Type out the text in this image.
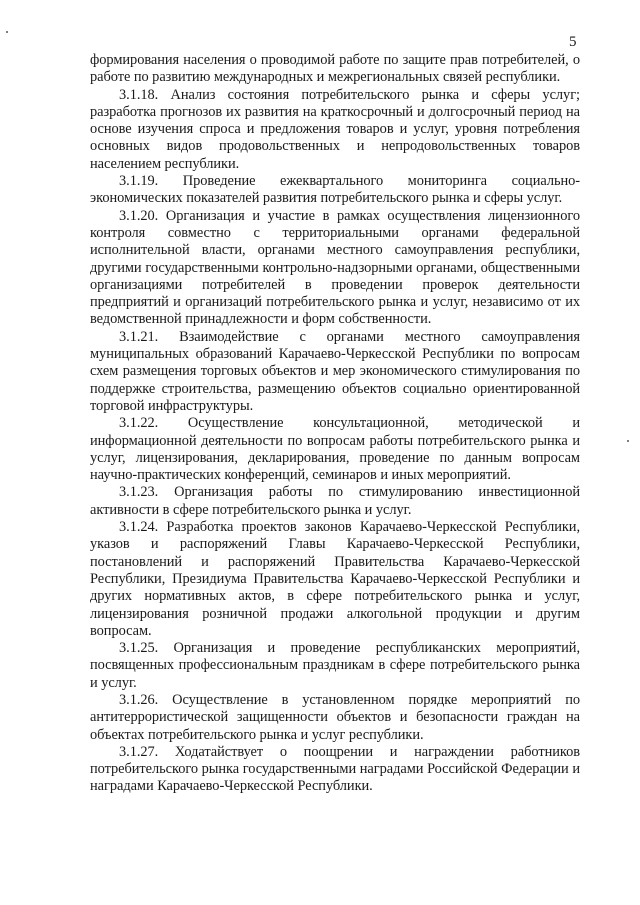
5

формирования населения о проводимой работе по защите прав потребителей, о работе по развитию международных и межрегиональных связей республики.

3.1.18. Анализ состояния потребительского рынка и сферы услуг; разработка прогнозов их развития на краткосрочный и долгосрочный период на основе изучения спроса и предложения товаров и услуг, уровня потребления основных видов продовольственных и непродовольственных товаров населением республики.

3.1.19. Проведение ежеквартального мониторинга социально-экономических показателей развития потребительского рынка и сферы услуг.

3.1.20. Организация и участие в рамках осуществления лицензионного контроля совместно с территориальными органами федеральной исполнительной власти, органами местного самоуправления республики, другими государственными контрольно-надзорными органами, общественными организациями потребителей в проведении проверок деятельности предприятий и организаций потребительского рынка и услуг, независимо от их ведомственной принадлежности и форм собственности.

3.1.21. Взаимодействие с органами местного самоуправления муниципальных образований Карачаево-Черкесской Республики по вопросам схем размещения торговых объектов и мер экономического стимулирования по поддержке строительства, размещению объектов социально ориентированной торговой инфраструктуры.

3.1.22. Осуществление консультационной, методической и информационной деятельности по вопросам работы потребительского рынка и услуг, лицензирования, декларирования, проведение по данным вопросам научно-практических конференций, семинаров и иных мероприятий.

3.1.23. Организация работы по стимулированию инвестиционной активности в сфере потребительского рынка и услуг.

3.1.24. Разработка проектов законов Карачаево-Черкесской Республики, указов и распоряжений Главы Карачаево-Черкесской Республики, постановлений и распоряжений Правительства Карачаево-Черкесской Республики, Президиума Правительства Карачаево-Черкесской Республики и других нормативных актов, в сфере потребительского рынка и услуг, лицензирования розничной продажи алкогольной продукции и другим вопросам.

3.1.25. Организация и проведение республиканских мероприятий, посвященных профессиональным праздникам в сфере потребительского рынка и услуг.

3.1.26. Осуществление в установленном порядке мероприятий по антитеррористической защищенности объектов и безопасности граждан на объектах потребительского рынка и услуг республики.

3.1.27. Ходатайствует о поощрении и награждении работников потребительского рынка государственными наградами Российской Федерации и наградами Карачаево-Черкесской Республики.
